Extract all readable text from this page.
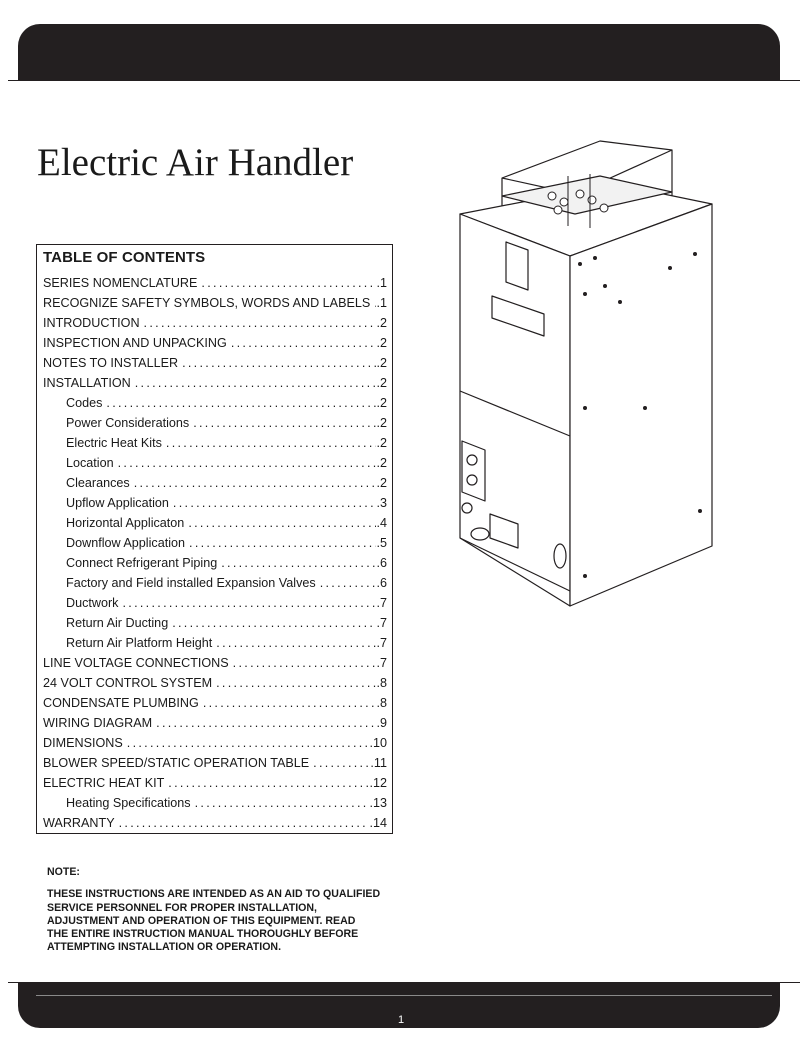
Electric Air Handler
TABLE OF CONTENTS
SERIES NOMENCLATURE .....	.1
RECOGNIZE SAFETY SYMBOLS, WORDS AND LABELS ..... .1
INTRODUCTION .....	.2
INSPECTION AND UNPACKING .....	.2
NOTES TO INSTALLER .....	.2
INSTALLATION .....	.2
Codes .....	.2
Power Considerations .....	.2
Electric Heat Kits .....	.2
Location .....	.2
Clearances .....	.2
Upflow Application .....	.3
Horizontal Applicaton .....	.4
Downflow Application .....	.5
Connect Refrigerant Piping .....	.6
Factory and Field installed Expansion Valves .....	.6
Ductwork .....	.7
Return Air Ducting .....	.7
Return Air Platform Height .....	.7
LINE VOLTAGE CONNECTIONS .....	.7
24 VOLT CONTROL SYSTEM .....	.8
CONDENSATE PLUMBING .....	.8
WIRING DIAGRAM .....	.9
DIMENSIONS .....	.10
BLOWER SPEED/STATIC OPERATION TABLE .....	.11
ELECTRIC HEAT KIT .....	.12
Heating Specifications .....	.13
WARRANTY .....	.14

NOTE:

THESE INSTRUCTIONS ARE INTENDED AS AN AID TO QUALIFIED
SERVICE PERSONNEL FOR PROPER INSTALLATION,
ADJUSTMENT AND OPERATION OF THIS EQUIPMENT. READ
THE ENTIRE INSTRUCTION MANUAL THOROUGHLY BEFORE
ATTEMPTING INSTALLATION OR OPERATION.
1
